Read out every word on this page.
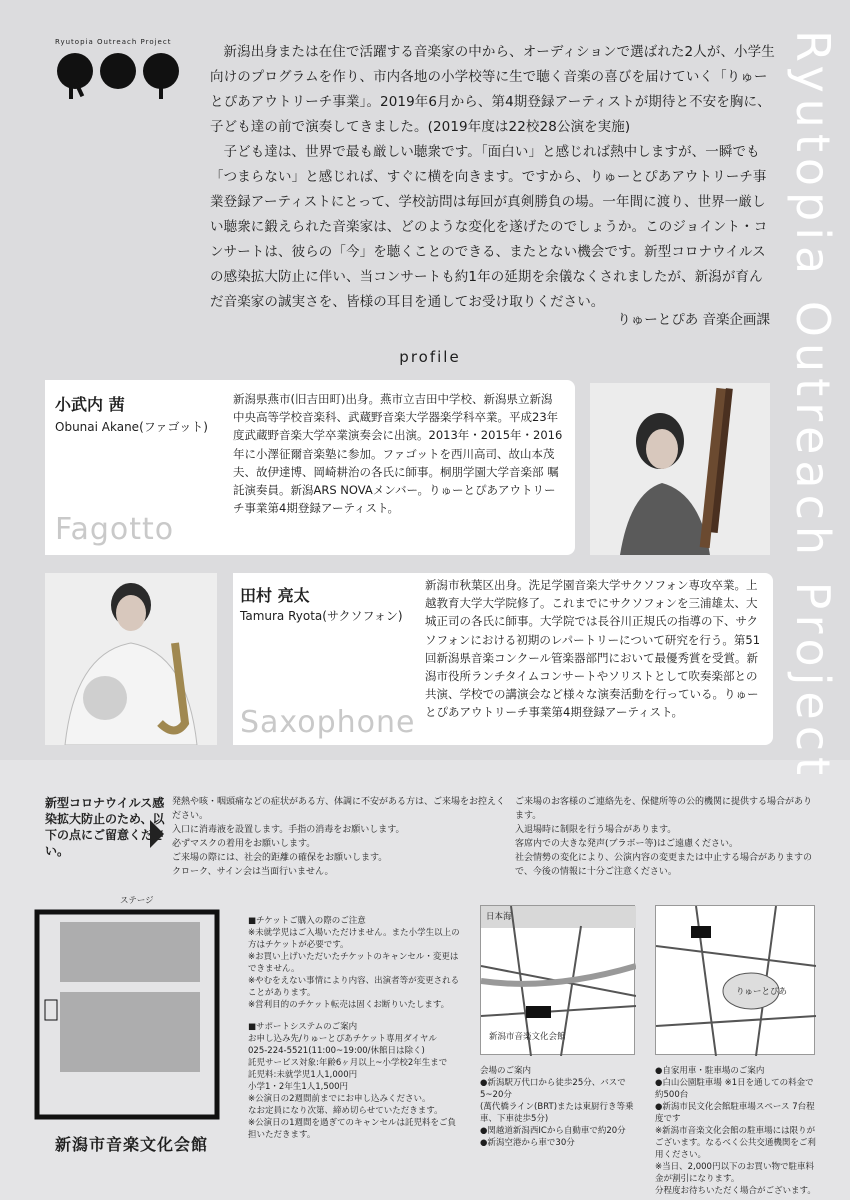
Ryutopia Outreach Project

新潟出身または在住で活躍する音楽家の中から、オーディションで選ばれた2人が、小学生向けのプログラムを作り、市内各地の小学校等に生で聴く音楽の喜びを届けていく「りゅーとぴあアウトリーチ事業」。2019年6月から、第4期登録アーティストが期待と不安を胸に、子ども達の前で演奏してきました。(2019年度は22校28公演を実施)

子ども達は、世界で最も厳しい聴衆です。「面白い」と感じれば熱中しますが、一瞬でも「つまらない」と感じれば、すぐに横を向きます。ですから、りゅーとぴあアウトリーチ事業登録アーティストにとって、学校訪問は毎回が真剣勝負の場。一年間に渡り、世界一厳しい聴衆に鍛えられた音楽家は、どのような変化を遂げたのでしょうか。このジョイント・コンサートは、彼らの「今」を聴くことのできる、またとない機会です。新型コロナウイルスの感染拡大防止に伴い、当コンサートも約1年の延期を余儀なくされましたが、新潟が育んだ音楽家の誠実さを、皆様の耳目を通してお受け取りください。

りゅーとぴあ 音楽企画課 Ryutopia Outreach Project
profile
小武内 茜
Obunai Akane(ファゴット)
新潟県燕市(旧吉田町)出身。燕市立吉田中学校、新潟県立新潟中央高等学校音楽科、武蔵野音楽大学器楽学科卒業。平成23年度武蔵野音楽大学卒業演奏会に出演。2013年・2015年・2016年に小澤征爾音楽塾に参加。ファゴットを西川高司、故山本茂夫、故伊達博、岡崎耕治の各氏に師事。桐朋学園大学音楽部 嘱託演奏員。新潟ARS NOVAメンバー。りゅーとぴあアウトリーチ事業第4期登録アーティスト。
Fagotto
田村 亮太
Tamura Ryota(サクソフォン)
新潟市秋葉区出身。洗足学園音楽大学サクソフォン専攻卒業。上越教育大学大学院修了。これまでにサクソフォンを三浦雄太、大城正司の各氏に師事。大学院では長谷川正規氏の指導の下、サクソフォンにおける初期のレパートリーについて研究を行う。第51回新潟県音楽コンクール管楽器部門において最優秀賞を受賞。新潟市役所ランチタイムコンサートやソリストとして吹奏楽部との共演、学校での講演会など様々な演奏活動を行っている。りゅーとぴあアウトリーチ事業第4期登録アーティスト。
Saxophone
新型コロナウイルス感染拡大防止のため、以下の点にご留意ください。
発熱や咳・咽頭痛などの症状がある方、体調に不安がある方は、ご来場をお控えください。
入口に消毒液を設置します。手指の消毒をお願いします。
必ずマスクの着用をお願いします。
ご来場の際には、社会的距離の確保をお願いします。
クローク、サイン会は当面行いません。
ご来場のお客様のご連絡先を、保健所等の公的機関に提供する場合があります。
入退場時に制限を行う場合があります。
客席内での大きな発声(ブラボー等)はご遠慮ください。
社会情勢の変化により、公演内容の変更または中止する場合がありますので、今後の情報に十分ご注意ください。
ステージ
新潟市音楽文化会館
■チケットご購入の際のご注意
※未就学児はご入場いただけません。また小学生以上の方はチケットが必要です。
※お買い上げいただいたチケットのキャンセル・変更はできません。
※やむをえない事情により内容、出演者等が変更されることがあります。
※営利目的のチケット転売は固くお断りいたします。
■サポートシステムのご案内
お申し込み先/りゅーとぴあチケット専用ダイヤル
025-224-5521(11:00~19:00/休館日は除く)
託児サービス対象:年齢6ヶ月以上~小学校2年生まで
託児料:未就学児1人1,000円
小学1・2年生1人1,500円
※公演日の2週間前までにお申し込みください。
なお定員になり次第、締め切らせていただきます。
※公演日の1週間を過ぎてのキャンセルは託児料をご負担いただきます。
日本海
新潟市音楽文化会館
りゅーとぴあ
会場のご案内
●新潟駅万代口から徒歩25分、バスで5~20分
(萬代橋ライン(BRT)または東厨行き等乗車、下車徒歩5分)
●関越道新潟西ICから自動車で約20分
●新潟空港から車で30分
●自家用車・駐車場のご案内
●白山公園駐車場 ※1日を通しての料金で約500台
●新潟市民文化会館駐車場スペース 7台程度です
※新潟市音楽文化会館の駐車場には限りがございます。なるべく公共交通機関をご利用ください。
※当日、2,000円以下のお買い物で駐車料金が割引になります。
分程度お待ちいただく場合がございます。
